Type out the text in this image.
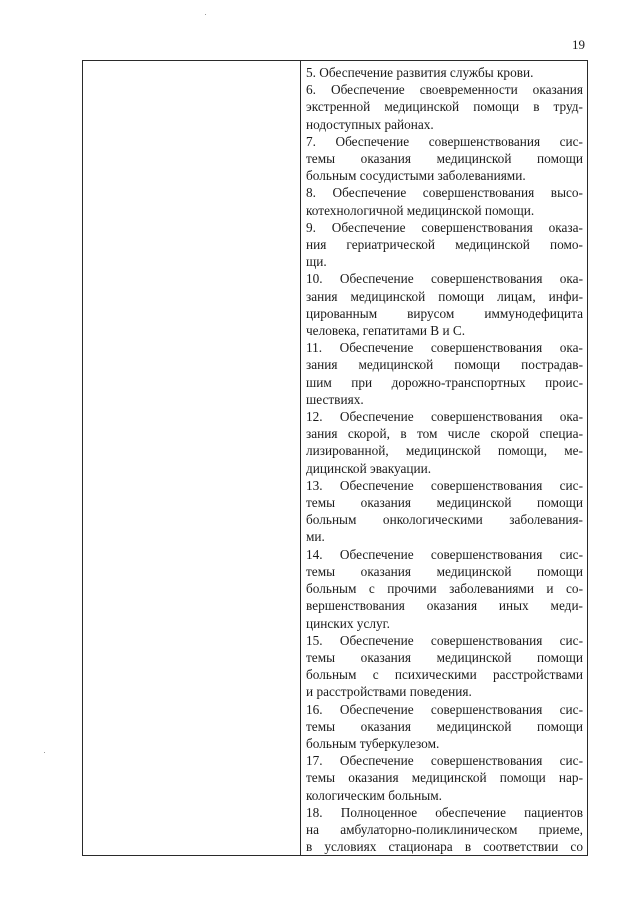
19

5. Обеспечение развития службы крови.

6. Обеспечение своевременности оказания
экстренной медицинской помощи в труд-
нодоступных районах.

7. Обеспечение совершенствования сис-
темы оказания медицинской помощи
больным сосудистыми заболеваниями.

8. Обеспечение совершенствования высо-
котехнологичной медицинской помощи.

9. Обеспечение совершенствования оказа-
ния гериатрической медицинской помо-
щи.

10. Обеспечение совершенствования ока-
зания медицинской помощи лицам, инфи-
цированным вирусом иммунодефицита
человека, гепатитами В и С.

11. Обеспечение совершенствования ока-
зания медицинской помощи пострадав-
шим при дорожно-транспортных проис-
шествиях.

12. Обеспечение совершенствования ока-
зания скорой, в том числе скорой специа-
лизированной, медицинской помощи, ме-
дицинской эвакуации.

13. Обеспечение совершенствования сис-
темы оказания медицинской помощи
больным онкологическими заболевания-
ми.

14. Обеспечение совершенствования сис-
темы оказания медицинской помощи
больным с прочими заболеваниями и со-
вершенствования оказания иных меди-
цинских услуг.

15. Обеспечение совершенствования сис-
темы оказания медицинской помощи
больным с психическими расстройствами
и расстройствами поведения.

16. Обеспечение совершенствования сис-
темы оказания медицинской помощи
больным туберкулезом.

17. Обеспечение совершенствования сис-
темы оказания медицинской помощи нар-
кологическим больным.

18. Полноценное обеспечение пациентов
на амбулаторно-поликлиническом приеме,
в условиях стационара в соответствии со
